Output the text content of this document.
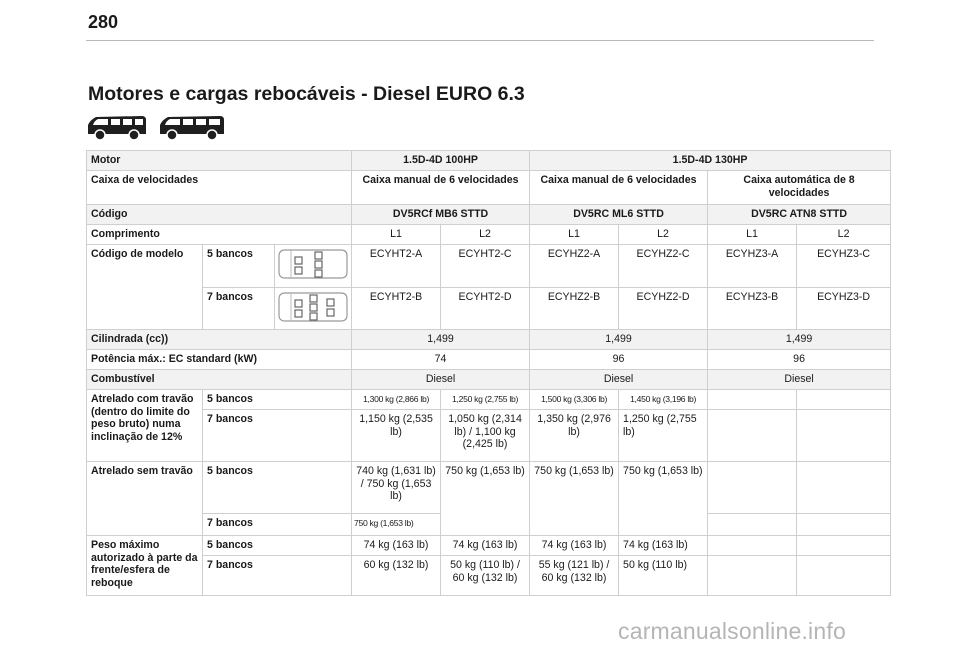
280
Motores e cargas rebocáveis - Diesel EURO 6.3
Motor			1.5D-4D 100HP		1.5D-4D 130HP			
Caixa de velocidades			Caixa manual de 6 velocidades		Caixa manual de 6 velocidades		Caixa automática de 8 velocidades	
Código			DV5RCf MB6 STTD		DV5RC ML6 STTD		DV5RC ATN8 STTD	
Comprimento			L1	L2	L1	L2	L1	L2
Código de modelo	5 bancos		ECYHT2-A	ECYHT2-C	ECYHZ2-A	ECYHZ2-C	ECYHZ3-A	ECYHZ3-C
	7 bancos		ECYHT2-B	ECYHT2-D	ECYHZ2-B	ECYHZ2-D	ECYHZ3-B	ECYHZ3-D
Cilindrada (cc))			1,499		1,499		1,499	
Potência máx.: EC standard (kW)			74		96		96	
Combustível			Diesel		Diesel		Diesel	
Atrelado com travão (dentro do limite do peso bruto) numa inclinação de 12%	5 bancos		1,300 kg (2,866 lb)	1,250 kg (2,755 lb)	1,500 kg (3,306 lb)	1,450 kg (3,196 lb)		
	7 bancos		1,150 kg (2,535 lb)	1,050 kg (2,314 lb) / 1,100 kg (2,425 lb)	1,350 kg (2,976 lb)	1,250 kg (2,755 lb)		
Atrelado sem travão	5 bancos		740 kg (1,631 lb) / 750 kg (1,653 lb)	750 kg (1,653 lb)	750 kg (1,653 lb)	750 kg (1,653 lb)		
	7 bancos		750 kg (1,653 lb)					
Peso máximo autorizado à parte da frente/esfera de reboque	5 bancos		74 kg (163 lb)	74 kg (163 lb)	74 kg (163 lb)	74 kg (163 lb)		
	7 bancos		60 kg (132 lb)	50 kg (110 lb) / 60 kg (132 lb)	55 kg (121 lb) / 60 kg (132 lb)	50 kg (110 lb)		
carmanualsonline.info
